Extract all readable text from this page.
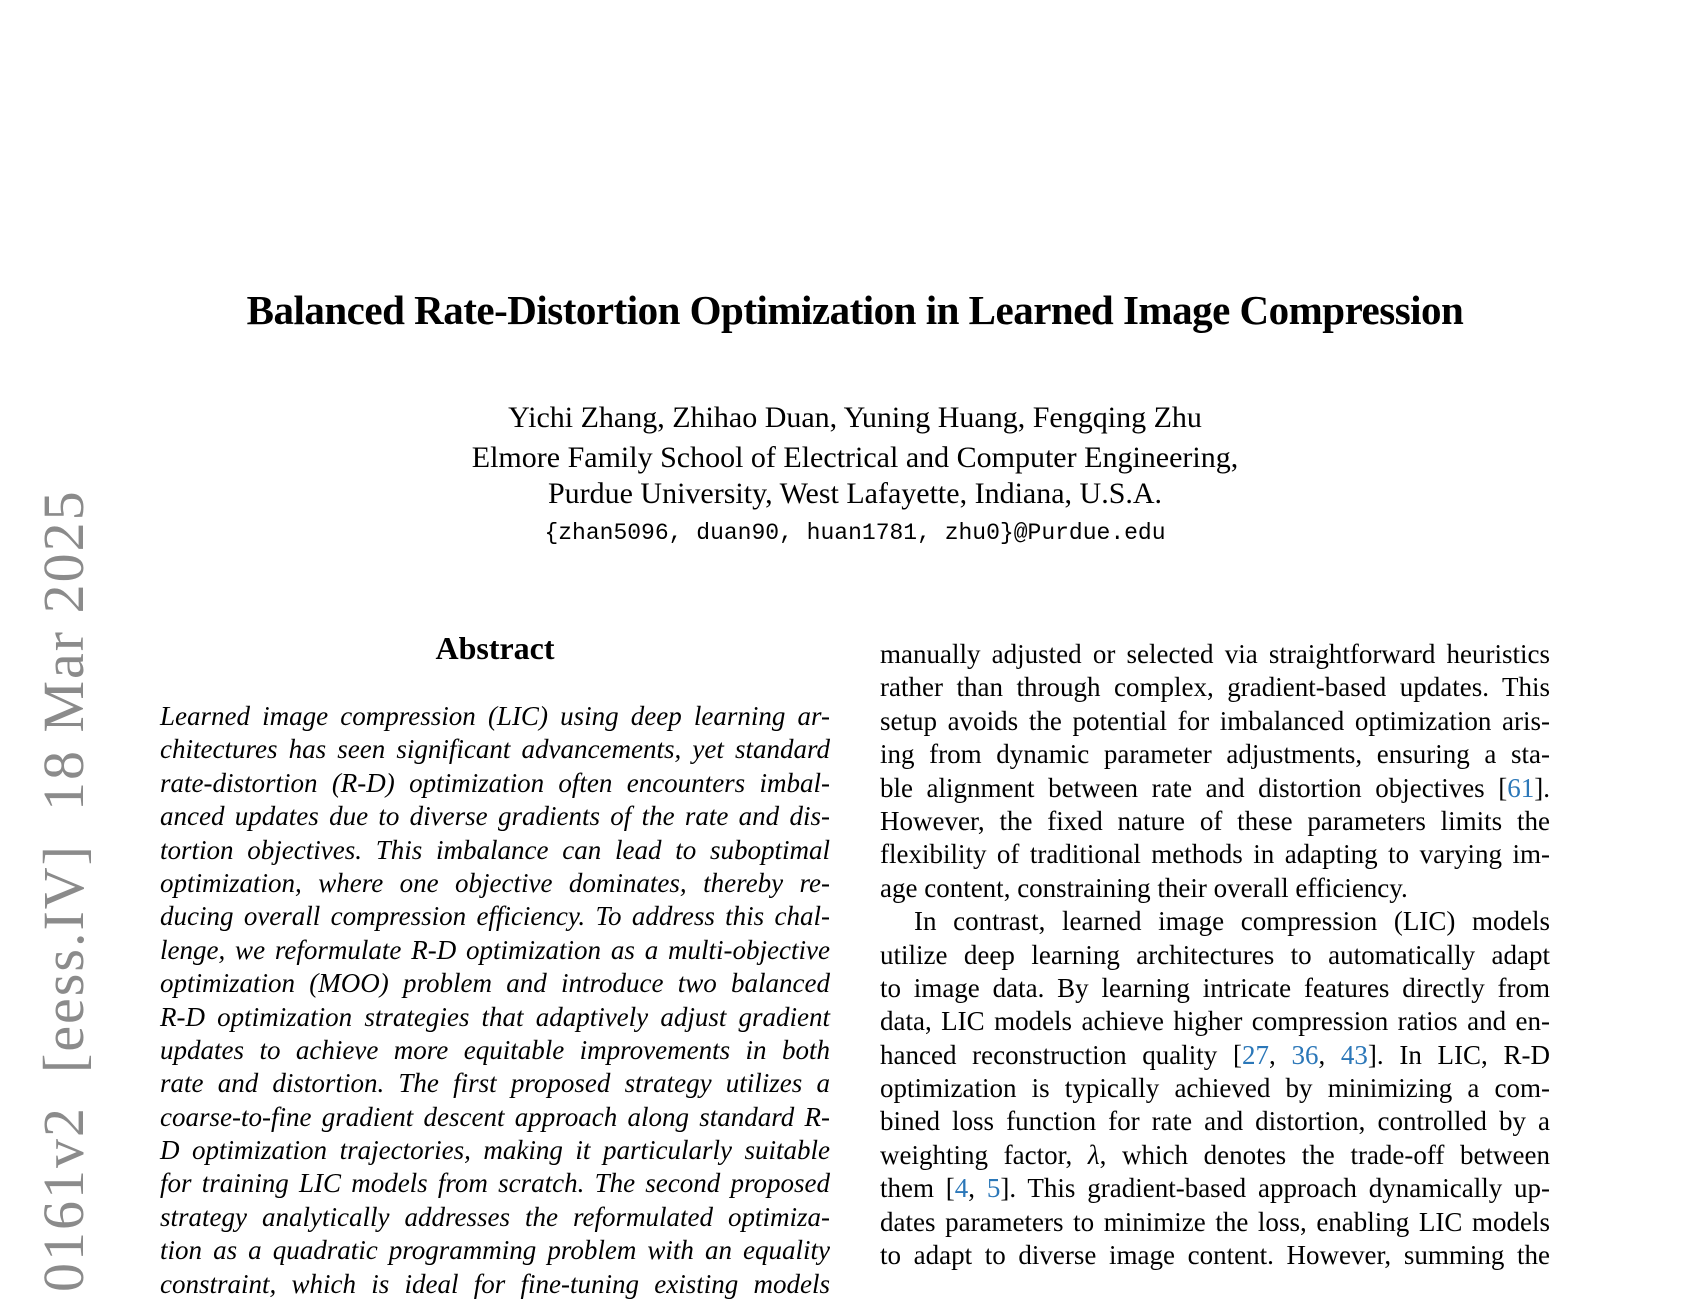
0161v2  [eess.IV]  18 Mar 2025
Balanced Rate-Distortion Optimization in Learned Image Compression
Yichi Zhang, Zhihao Duan, Yuning Huang, Fengqing Zhu
Elmore Family School of Electrical and Computer Engineering,
Purdue University, West Lafayette, Indiana, U.S.A.
{zhan5096, duan90, huan1781, zhu0}@Purdue.edu
Abstract
Learned image compression (LIC) using deep learning ar-
chitectures has seen significant advancements, yet standard
rate-distortion (R-D) optimization often encounters imbal-
anced updates due to diverse gradients of the rate and dis-
tortion objectives. This imbalance can lead to suboptimal
optimization, where one objective dominates, thereby re-
ducing overall compression efficiency. To address this chal-
lenge, we reformulate R-D optimization as a multi-objective
optimization (MOO) problem and introduce two balanced
R-D optimization strategies that adaptively adjust gradient
updates to achieve more equitable improvements in both
rate and distortion. The first proposed strategy utilizes a
coarse-to-fine gradient descent approach along standard R-
D optimization trajectories, making it particularly suitable
for training LIC models from scratch. The second proposed
strategy analytically addresses the reformulated optimiza-
tion as a quadratic programming problem with an equality
constraint, which is ideal for fine-tuning existing models
manually adjusted or selected via straightforward heuristics
rather than through complex, gradient-based updates. This
setup avoids the potential for imbalanced optimization aris-
ing from dynamic parameter adjustments, ensuring a sta-
ble alignment between rate and distortion objectives [61].
However, the fixed nature of these parameters limits the
flexibility of traditional methods in adapting to varying im-
age content, constraining their overall efficiency.
In contrast, learned image compression (LIC) models
utilize deep learning architectures to automatically adapt
to image data. By learning intricate features directly from
data, LIC models achieve higher compression ratios and en-
hanced reconstruction quality [27, 36, 43]. In LIC, R-D
optimization is typically achieved by minimizing a com-
bined loss function for rate and distortion, controlled by a
weighting factor, λ, which denotes the trade-off between
them [4, 5]. This gradient-based approach dynamically up-
dates parameters to minimize the loss, enabling LIC models
to adapt to diverse image content. However, summing the
